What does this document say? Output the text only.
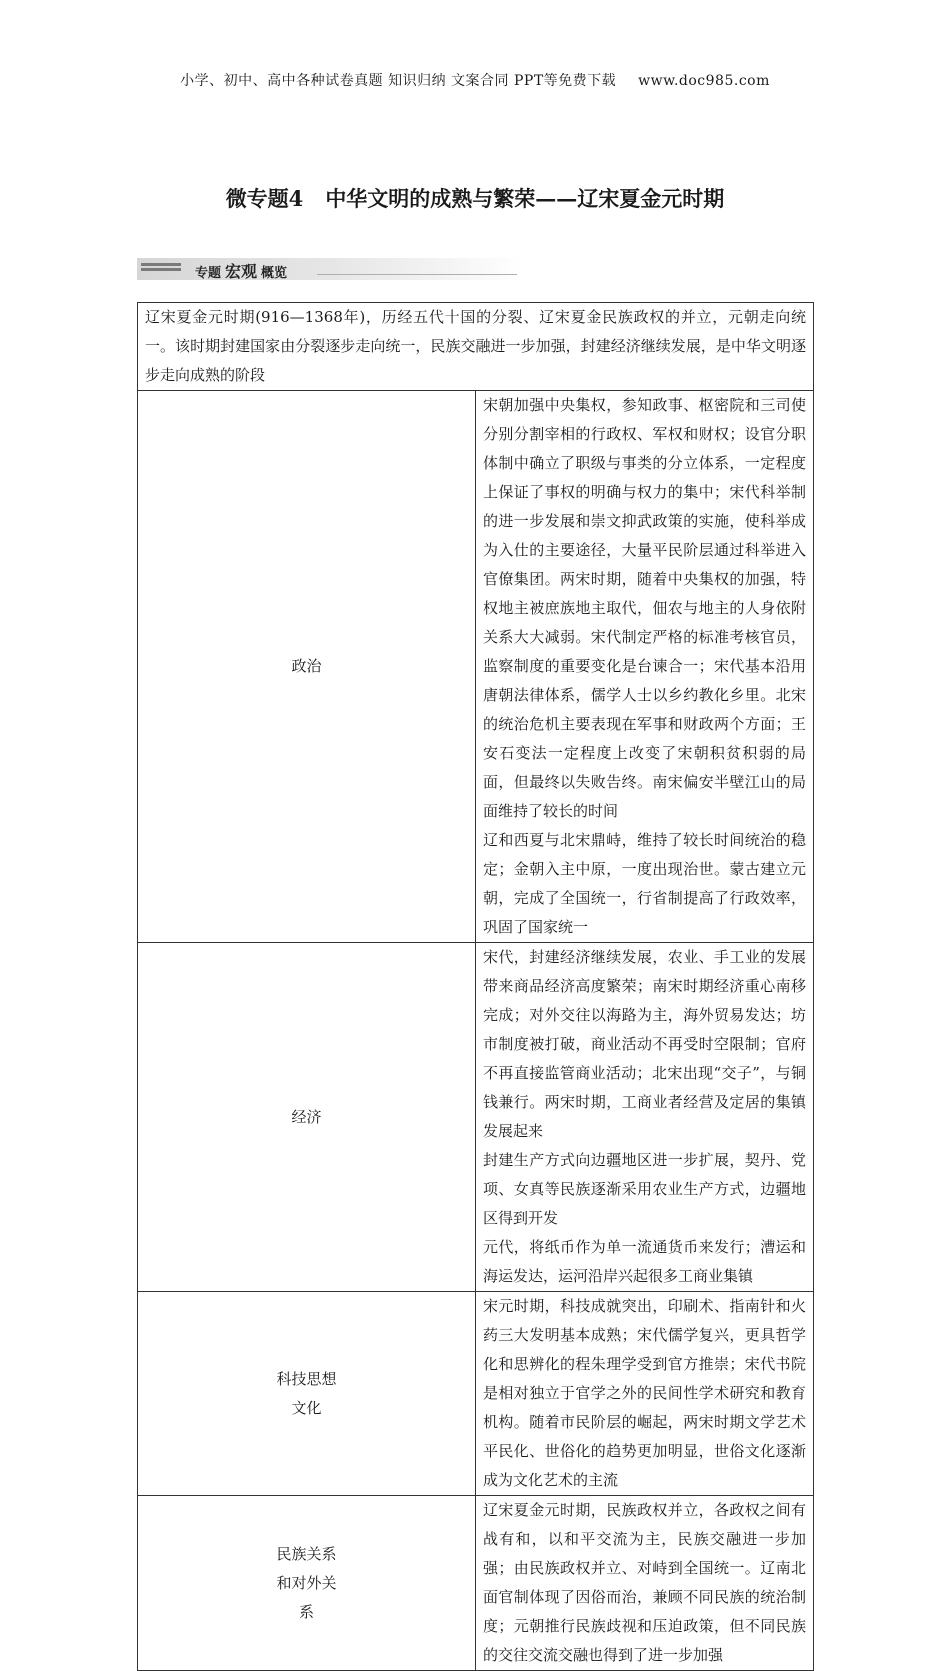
小学、初中、高中各种试卷真题 知识归纳 文案合同 PPT等免费下载 www.doc985.com
微专题4 中华文明的成熟与繁荣——辽宋夏金元时期
专题 宏观 概览
辽宋夏金元时期(916—1368年)，历经五代十国的分裂、辽宋夏金民族政权的并立，元朝走向统一。该时期封建国家由分裂逐步走向统一，民族交融进一步加强，封建经济继续发展，是中华文明逐步走向成熟的阶段	

政治	宋朝加强中央集权，参知政事、枢密院和三司使分别分割宰相的行政权、军权和财权；设官分职体制中确立了职级与事类的分立体系，一定程度上保证了事权的明确与权力的集中；宋代科举制的进一步发展和崇文抑武政策的实施，使科举成为入仕的主要途径，大量平民阶层通过科举进入官僚集团。两宋时期，随着中央集权的加强，特权地主被庶族地主取代，佃农与地主的人身依附关系大大减弱。宋代制定严格的标准考核官员，监察制度的重要变化是台谏合一；宋代基本沿用唐朝法律体系，儒学人士以乡约教化乡里。北宋的统治危机主要表现在军事和财政两个方面；王安石变法一定程度上改变了宋朝积贫积弱的局面，但最终以失败告终。南宋偏安半壁江山的局面维持了较长的时间
辽和西夏与北宋鼎峙，维持了较长时间统治的稳定；金朝入主中原，一度出现治世。蒙古建立元朝，完成了全国统一，行省制提高了行政效率，巩固了国家统一

经济	宋代，封建经济继续发展，农业、手工业的发展带来商品经济高度繁荣；南宋时期经济重心南移完成；对外交往以海路为主，海外贸易发达；坊市制度被打破，商业活动不再受时空限制；官府不再直接监管商业活动；北宋出现“交子”，与铜钱兼行。两宋时期，工商业者经营及定居的集镇发展起来
封建生产方式向边疆地区进一步扩展，契丹、党项、女真等民族逐渐采用农业生产方式，边疆地区得到开发
元代，将纸币作为单一流通货币来发行；漕运和海运发达，运河沿岸兴起很多工商业集镇

科技思想文化	宋元时期，科技成就突出，印刷术、指南针和火药三大发明基本成熟；宋代儒学复兴，更具哲学化和思辨化的程朱理学受到官方推崇；宋代书院是相对独立于官学之外的民间性学术研究和教育机构。随着市民阶层的崛起，两宋时期文学艺术平民化、世俗化的趋势更加明显，世俗文化逐渐成为文化艺术的主流

民族关系和对外关系	辽宋夏金元时期，民族政权并立，各政权之间有战有和，以和平交流为主，民族交融进一步加强；由民族政权并立、对峙到全国统一。辽南北面官制体现了因俗而治，兼顾不同民族的统治制度；元朝推行民族歧视和压迫政策，但不同民族的交往交流交融也得到了进一步加强
